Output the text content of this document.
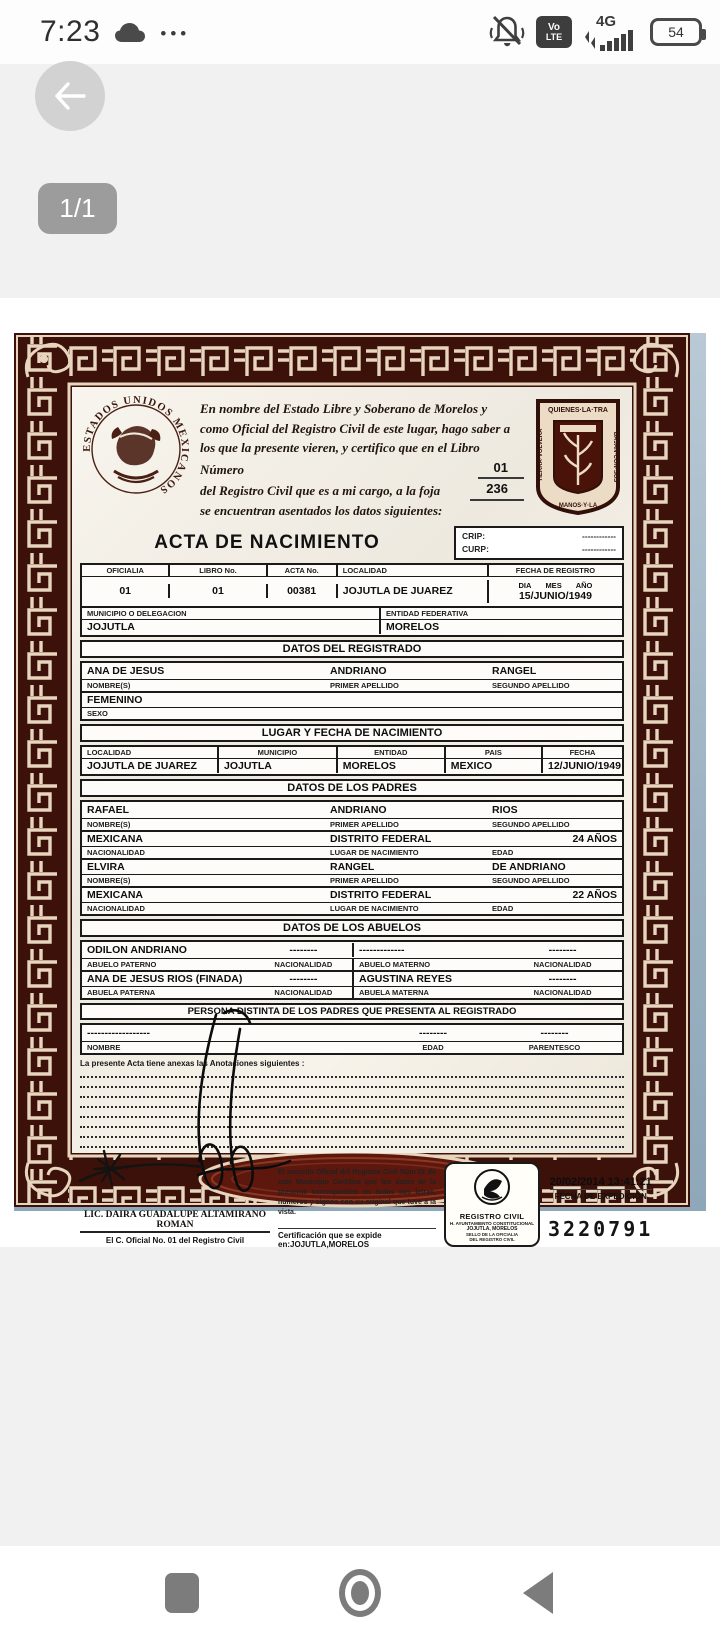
7:23	•••	Vo
LTE
4G
54
1/1
ESTADOS UNIDOS MEXICANOS
En nombre del Estado Libre y Soberano de Morelos y
como Oficial del Registro Civil de este lugar, hago saber a
los que la presente vieren, y certifico que en el Libro
Número	01
del Registro Civil que es a mi cargo, a la foja	236
se encuentran asentados los datos siguientes:
QUIENES·LA·TRA
BAJAN·CON·SUS
TIERRA·VOLVERA
MANOS·Y·LA
ACTA DE NACIMIENTO	CRIP:	------------
CURP:	------------
OFICIALIA	LIBRO No.	ACTA No.	LOCALIDAD	FECHA DE REGISTRO
01	01	00381	JOJUTLA DE JUAREZ	DIA MES AÑO
15/JUNIO/1949
MUNICIPIO O DELEGACION	ENTIDAD FEDERATIVA
JOJUTLA	MORELOS
DATOS DEL REGISTRADO
ANA DE JESUS	ANDRIANO	RANGEL
NOMBRE(S)	PRIMER APELLIDO	SEGUNDO APELLIDO
FEMENINO
SEXO
LUGAR Y FECHA DE NACIMIENTO
LOCALIDAD	MUNICIPIO	ENTIDAD	PAIS	FECHA
JOJUTLA DE JUAREZ	JOJUTLA	MORELOS	MEXICO	12/JUNIO/1949
DATOS DE LOS PADRES
RAFAEL	ANDRIANO	RIOS
NOMBRE(S)	PRIMER APELLIDO	SEGUNDO APELLIDO
MEXICANA	DISTRITO FEDERAL	24 AÑOS
NACIONALIDAD	LUGAR DE NACIMIENTO	EDAD
ELVIRA	RANGEL	DE ANDRIANO
NOMBRE(S)	PRIMER APELLIDO	SEGUNDO APELLIDO
MEXICANA	DISTRITO FEDERAL	22 AÑOS
NACIONALIDAD	LUGAR DE NACIMIENTO	EDAD
DATOS DE LOS ABUELOS
ODILON ANDRIANO	--------	-------------	--------
ABUELO PATERNO	NACIONALIDAD	ABUELO MATERNO	NACIONALIDAD
ANA DE JESUS RIOS (FINADA)	--------	AGUSTINA REYES	--------
ABUELA PATERNA	NACIONALIDAD	ABUELA MATERNA	NACIONALIDAD
PERSONA DISTINTA DE LOS PADRES QUE PRESENTA AL REGISTRADO
------------------	--------	--------
NOMBRE	EDAD	PARENTESCO
La presente Acta tiene anexas las Anotaciones siguientes :
LIC. DAIRA GUADALUPE ALTAMIRANO ROMAN
El C. Oficial No. 01 del Registro Civil
El suscrito Oficial del Registro Civil Núm 01 de este Municipio Certifica que los datos de la presente corresponden en todas sus letras, números y signos con su original que tuve a la vista.
Certificación que se expide
en:JOJUTLA,MORELOS
REGISTRO CIVIL
H. AYUNTAMIENTO CONSTITUCIONAL
JOJUTLA, MORELOS
SELLO DE LA OFICIALIA
DEL REGISTRO CIVIL
20/02/2014 13:41:21
FECHA DE EXPEDICION
3220791
